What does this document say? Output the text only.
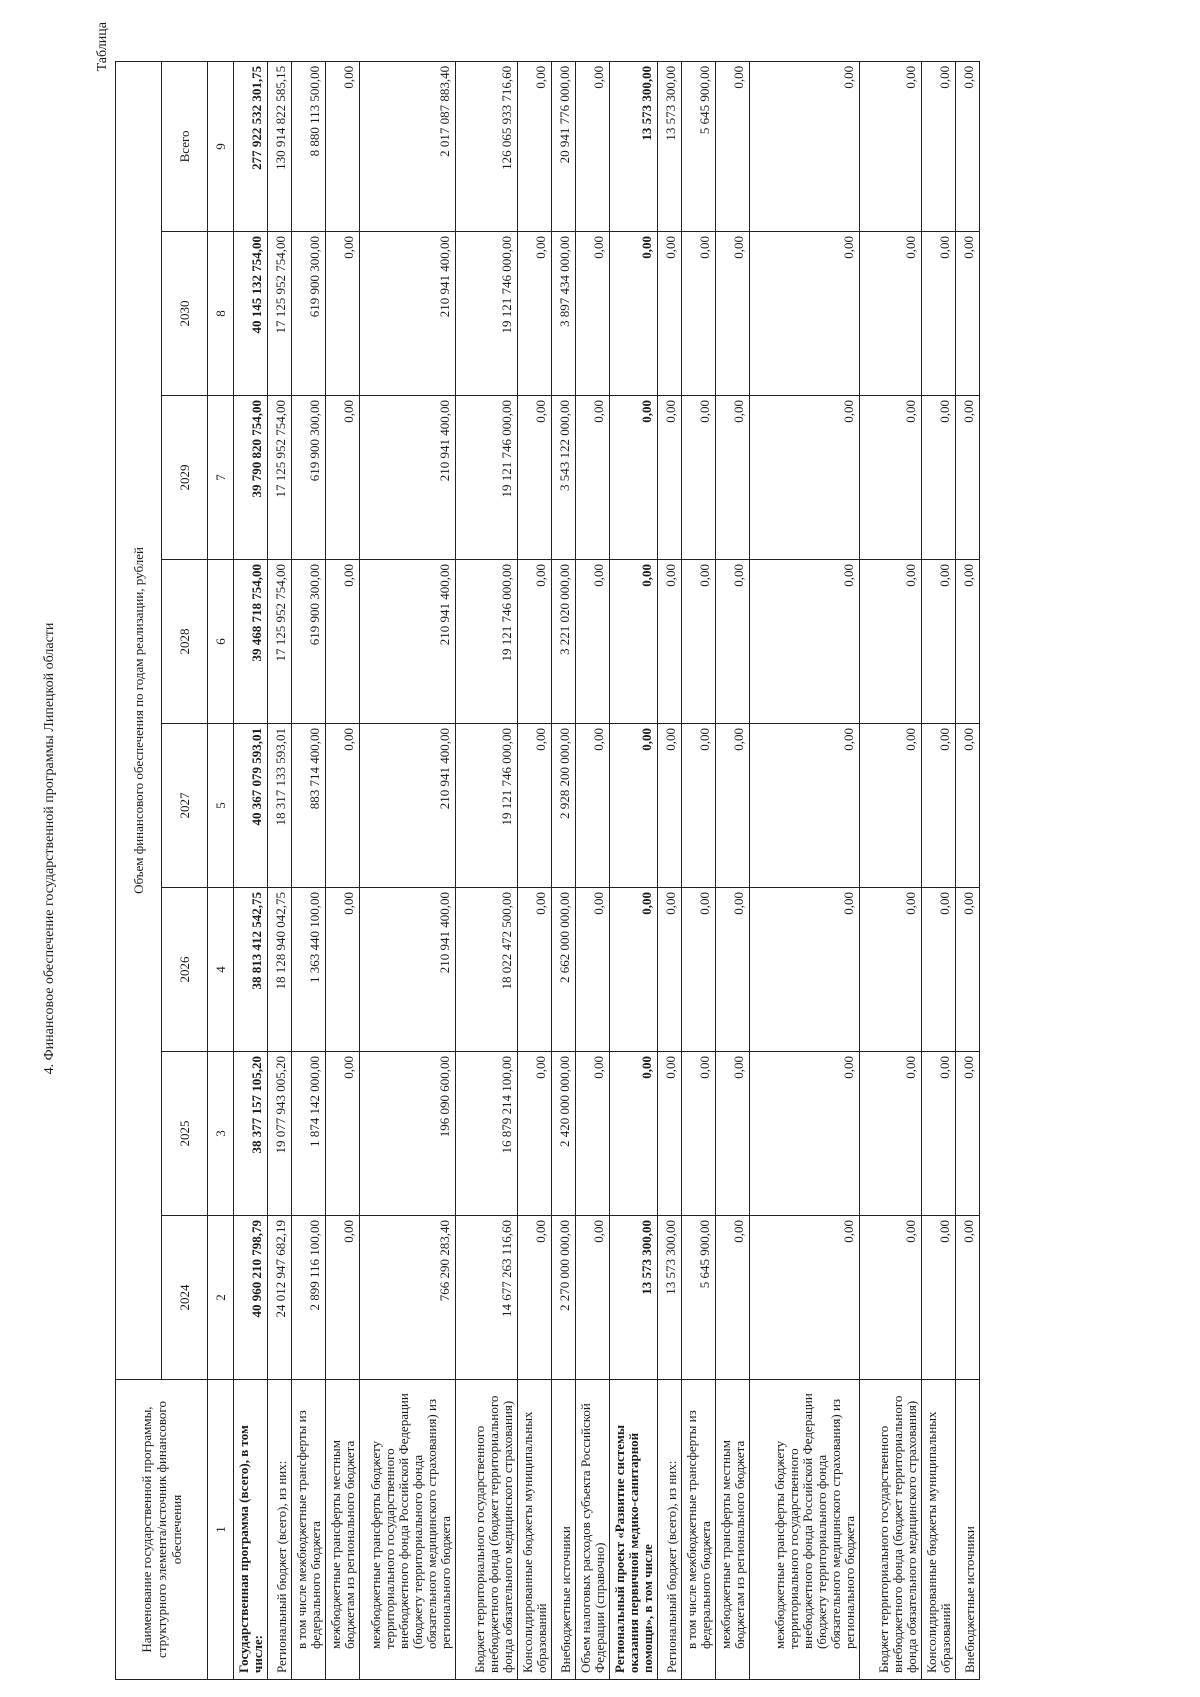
4. Финансовое обеспечение государственной программы Липецкой области
Таблица
Наименование государственной программы, структурного элемента/источник финансового обеспечения	Объем финансового обеспечения по годам реализации, рублей							
	2024	2025	2026	2027	2028	2029	2030	Всего
1	2	3	4	5	6	7	8	9
Государственная программа (всего), в том числе:	40 960 210 798,79	38 377 157 105,20	38 813 412 542,75	40 367 079 593,01	39 468 718 754,00	39 790 820 754,00	40 145 132 754,00	277 922 532 301,75
Региональный бюджет (всего), из них:	24 012 947 682,19	19 077 943 005,20	18 128 940 042,75	18 317 133 593,01	17 125 952 754,00	17 125 952 754,00	17 125 952 754,00	130 914 822 585,15
в том числе межбюджетные трансферты из федерального бюджета	2 899 116 100,00	1 874 142 000,00	1 363 440 100,00	883 714 400,00	619 900 300,00	619 900 300,00	619 900 300,00	8 880 113 500,00
межбюджетные трансферты местным бюджетам из регионального бюджета	0,00	0,00	0,00	0,00	0,00	0,00	0,00	0,00
межбюджетные трансферты бюджету территориального государственного внебюджетного фонда Российской Федерации (бюджету территориального фонда обязательного медицинского страхования) из регионального бюджета	766 290 283,40	196 090 600,00	210 941 400,00	210 941 400,00	210 941 400,00	210 941 400,00	210 941 400,00	2 017 087 883,40
Бюджет территориального государственного внебюджетного фонда (бюджет территориального фонда обязательного медицинского страхования)	14 677 263 116,60	16 879 214 100,00	18 022 472 500,00	19 121 746 000,00	19 121 746 000,00	19 121 746 000,00	19 121 746 000,00	126 065 933 716,60
Консолидированные бюджеты муниципальных образований	0,00	0,00	0,00	0,00	0,00	0,00	0,00	0,00
Внебюджетные источники	2 270 000 000,00	2 420 000 000,00	2 662 000 000,00	2 928 200 000,00	3 221 020 000,00	3 543 122 000,00	3 897 434 000,00	20 941 776 000,00
Объем налоговых расходов субъекта Российской Федерации (справочно)	0,00	0,00	0,00	0,00	0,00	0,00	0,00	0,00
Региональный проект «Развитие системы оказания первичной медико-санитарной помощи», в том числе	13 573 300,00	0,00	0,00	0,00	0,00	0,00	0,00	13 573 300,00
Региональный бюджет (всего), из них:	13 573 300,00	0,00	0,00	0,00	0,00	0,00	0,00	13 573 300,00
в том числе межбюджетные трансферты из федерального бюджета	5 645 900,00	0,00	0,00	0,00	0,00	0,00	0,00	5 645 900,00
межбюджетные трансферты местным бюджетам из регионального бюджета	0,00	0,00	0,00	0,00	0,00	0,00	0,00	0,00
межбюджетные трансферты бюджету территориального государственного внебюджетного фонда Российской Федерации (бюджету территориального фонда обязательного медицинского страхования) из регионального бюджета	0,00	0,00	0,00	0,00	0,00	0,00	0,00	0,00
Бюджет территориального государственного внебюджетного фонда (бюджет территориального фонда обязательного медицинского страхования)	0,00	0,00	0,00	0,00	0,00	0,00	0,00	0,00
Консолидированные бюджеты муниципальных образований	0,00	0,00	0,00	0,00	0,00	0,00	0,00	0,00
Внебюджетные источники	0,00	0,00	0,00	0,00	0,00	0,00	0,00	0,00
